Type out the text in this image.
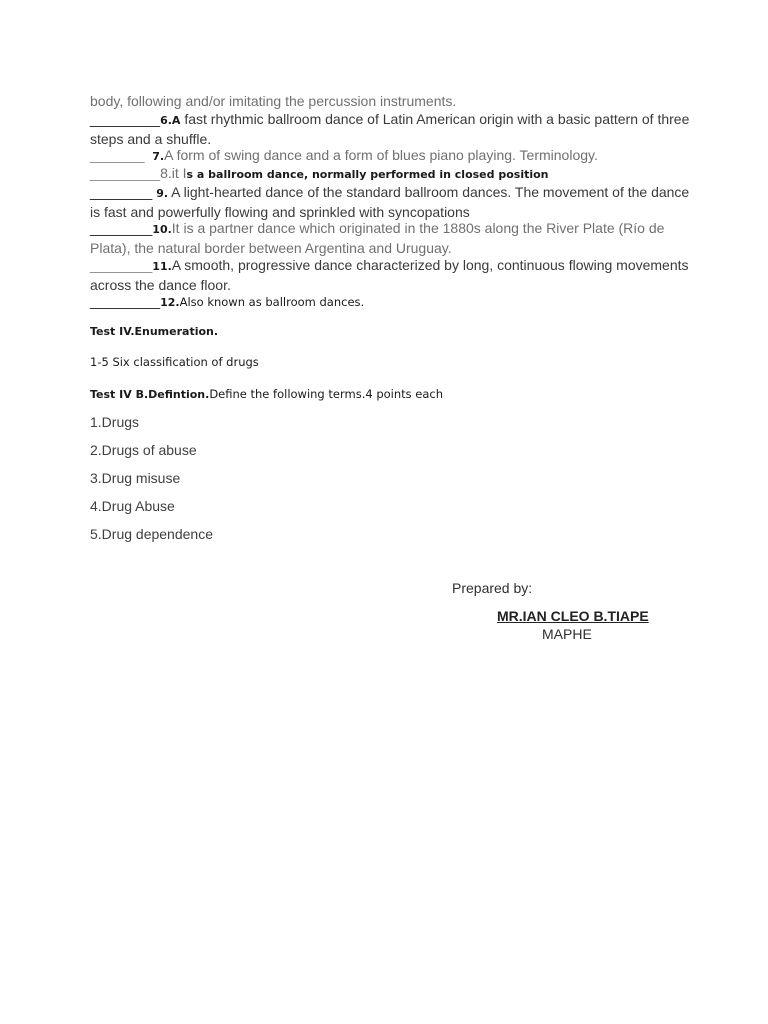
body, following and/or imitating the percussion instruments.
_________6.A fast rhythmic ballroom dance of Latin American origin with a basic pattern of three steps and a shuffle.
_______ 7.A form of swing dance and a form of blues piano playing. Terminology.
_________8.it Is a ballroom dance, normally performed in closed position
________ 9. A light-hearted dance of the standard ballroom dances. The movement of the dance is fast and powerfully flowing and sprinkled with syncopations
________10.It is a partner dance which originated in the 1880s along the River Plate (Río de Plata), the natural border between Argentina and Uruguay.
________11.A smooth, progressive dance characterized by long, continuous flowing movements across the dance floor.
_________12.Also known as ballroom dances.
Test IV.Enumeration.
1-5 Six classification of drugs
Test IV B.Defintion.Define the following terms.4 points each
1.Drugs
2.Drugs of abuse
3.Drug misuse
4.Drug Abuse
5.Drug dependence
Prepared by:
MR.IAN CLEO B.TIAPE
MAPHE
